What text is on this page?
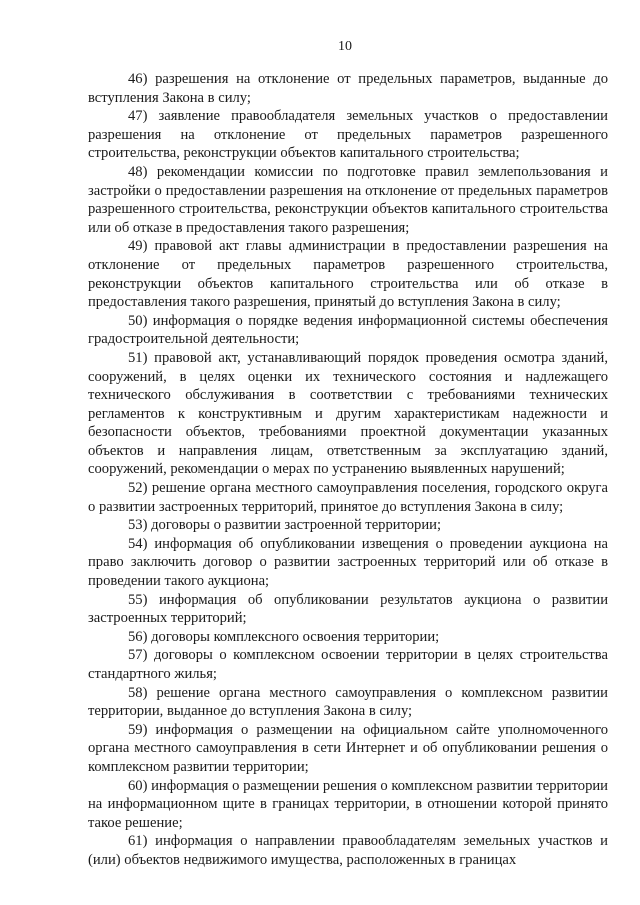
10

46) разрешения на отклонение от предельных параметров, выданные до вступления Закона в силу;

47) заявление правообладателя земельных участков о предоставлении разрешения на отклонение от предельных параметров разрешенного строительства, реконструкции объектов капитального строительства;

48) рекомендации комиссии по подготовке правил землепользования и застройки о предоставлении разрешения на отклонение от предельных параметров разрешенного строительства, реконструкции объектов капитального строительства или об отказе в предоставления такого разрешения;

49) правовой акт главы администрации в предоставлении разрешения на отклонение от предельных параметров разрешенного строительства, реконструкции объектов капитального строительства или об отказе в предоставления такого разрешения, принятый до вступления Закона в силу;

50) информация о порядке ведения информационной системы обеспечения градостроительной деятельности;

51) правовой акт, устанавливающий порядок проведения осмотра зданий, сооружений, в целях оценки их технического состояния и надлежащего технического обслуживания в соответствии с требованиями технических регламентов к конструктивным и другим характеристикам надежности и безопасности объектов, требованиями проектной документации указанных объектов и направления лицам, ответственным за эксплуатацию зданий, сооружений, рекомендации о мерах по устранению выявленных нарушений;

52) решение органа местного самоуправления поселения, городского округа о развитии застроенных территорий, принятое до вступления Закона в силу;

53) договоры о развитии застроенной территории;

54) информация об опубликовании извещения о проведении аукциона на право заключить договор о развитии застроенных территорий или об отказе в проведении такого аукциона;

55) информация об опубликовании результатов аукциона о развитии застроенных территорий;

56) договоры комплексного освоения территории;

57) договоры о комплексном освоении территории в целях строительства стандартного жилья;

58) решение органа местного самоуправления о комплексном развитии территории, выданное до вступления Закона в силу;

59) информация о размещении на официальном сайте уполномоченного органа местного самоуправления в сети Интернет и об опубликовании решения о комплексном развитии территории;

60) информация о размещении решения о комплексном развитии территории на информационном щите в границах территории, в отношении которой принято такое решение;

61) информация о направлении правообладателям земельных участков и (или) объектов недвижимого имущества, расположенных в границах
